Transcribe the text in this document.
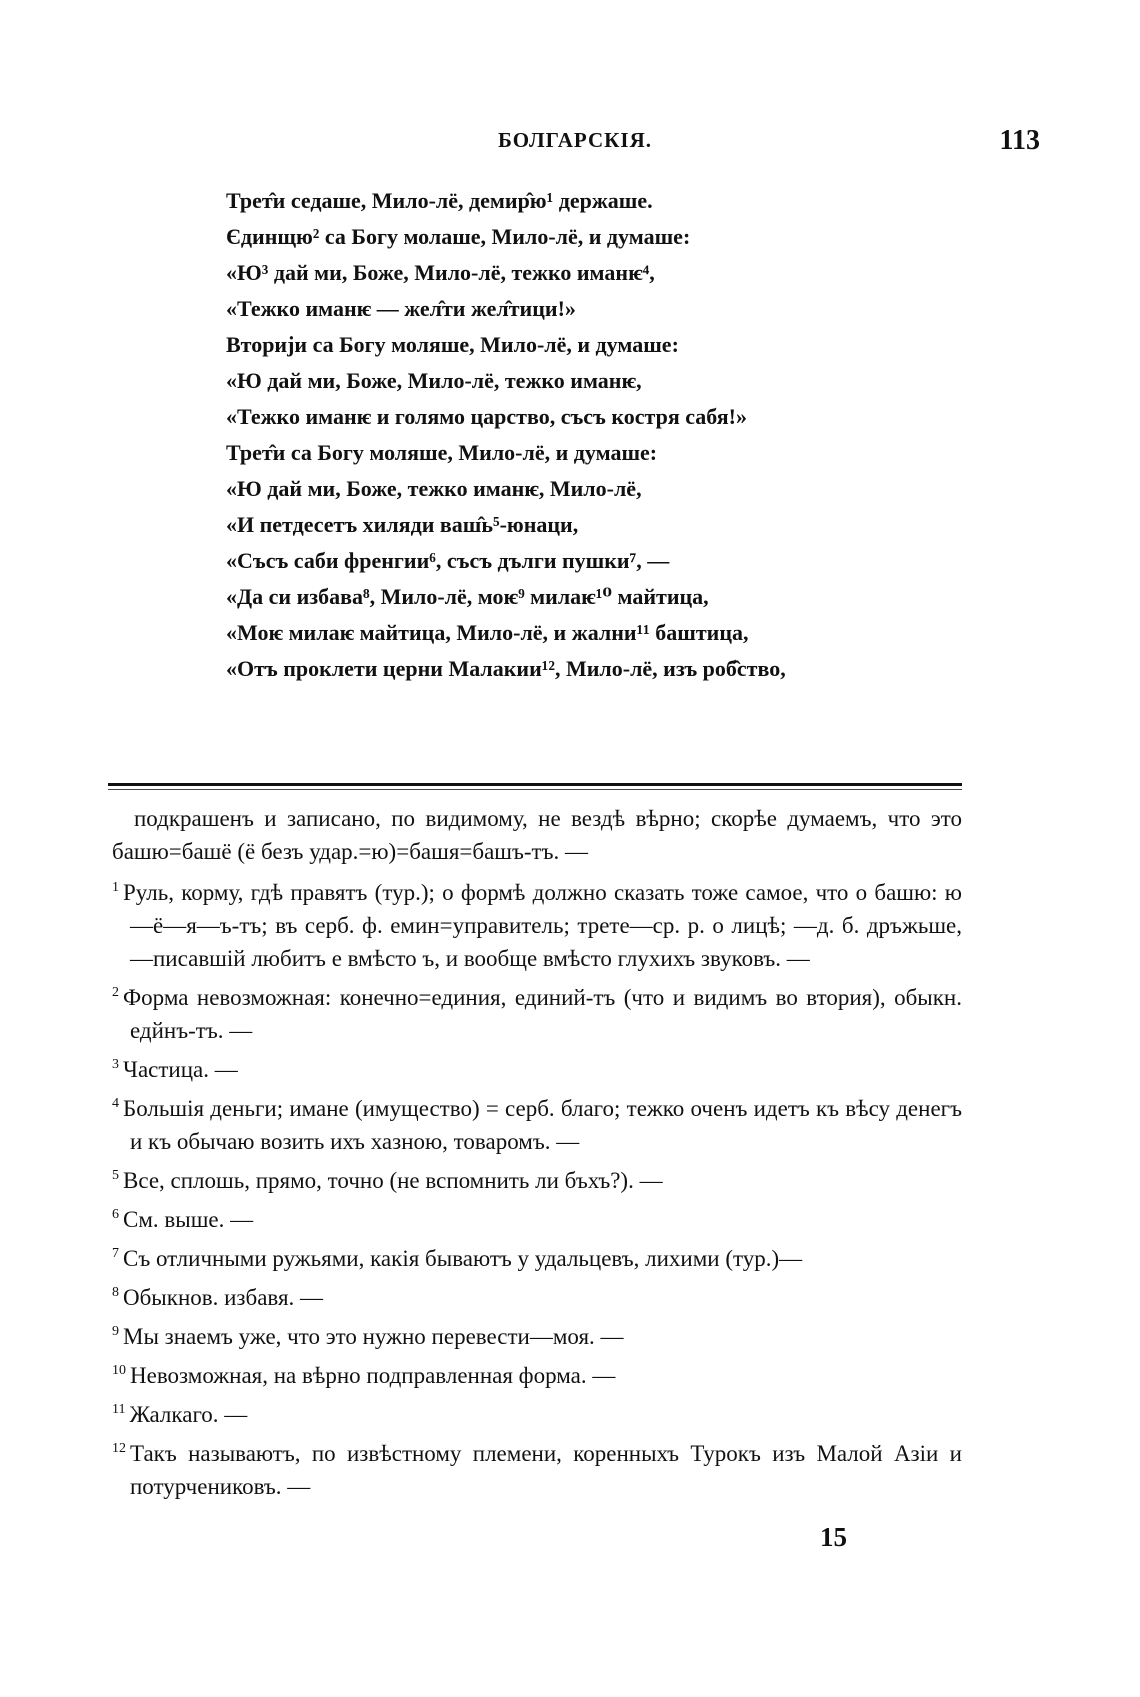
БОЛГАРСКІЯ.	113
Трет̂и седаше, Мило-лё, демир̂ю¹ держаше.
Єдинщю² са Богу молаше, Мило-лё, и думаше:
«Ю³ дай ми, Боже, Мило-лё, тежко иманѥ⁴,
«Тежко иманѥ — жел̂ти жел̂тици!»
Вторији са Богу моляше, Мило-лё, и думаше:
«Ю дай ми, Боже, Мило-лё, тежко иманѥ,
«Тежко иманѥ и голямо царство, съсъ костря сабя!»
Трет̂и са Богу моляше, Мило-лё, и думаше:
«Ю дай ми, Боже, тежко иманѥ, Мило-лё,
«И петдесетъ хиляди ваш̂ь⁵-юнаци,
«Съсъ саби френгии⁶, съсъ дълги пушки⁷, —
«Да си избава⁸, Мило-лё, моѥ⁹ милаѥ¹⁰ майтица,
«Моѥ милаѥ майтица, Мило-лё, и жални¹¹ баштица,
«Отъ проклети церни Малакии¹², Мило-лё, изъ роб̂ство,

подкрашенъ и записано, по видимому, не вездѣ вѣрно; скорѣе думаемъ, что это башю=башё (ё безъ удар.=ю)=башя=башъ-тъ. —

$^1$ Руль, корму, гдѣ правятъ (тур.); о формѣ должно сказать тоже самое, что о башю: ю—ё—я—ъ-тъ; въ серб. ф. емин=управитель; трете—ср. р. о лицѣ; —д. б. дръжьше,—писавшій любитъ е вмѣсто ъ, и вообще вмѣсто глухихъ звуковъ. —

$^2$ Форма невозможная: конечно=единия, единий-тъ (что и видимъ во втория), обыкн. едйнъ-тъ. —

$^3$ Частица. —

$^4$ Большія деньги; имане (имущество) = серб. благо; тежко оченъ идетъ къ вѣсу денегъ и къ обычаю возить ихъ хазною, товаромъ. —

$^5$ Все, сплошь, прямо, точно (не вспомнить ли бъхъ?). —

$^6$ См. выше. —

$^7$ Съ отличными ружьями, какія бываютъ у удальцевъ, лихими (тур.)—

$^8$ Обыкнов. избавя. —

$^9$ Мы знаемъ уже, что это нужно перевести—моя. —

$^{10}$ Невозможная, на вѣрно подправленная форма. —

$^{11}$ Жалкаго. —

$^{12}$ Такъ называютъ, по извѣстному племени, коренныхъ Турокъ изъ Малой Азіи и потурчениковъ. —

15
